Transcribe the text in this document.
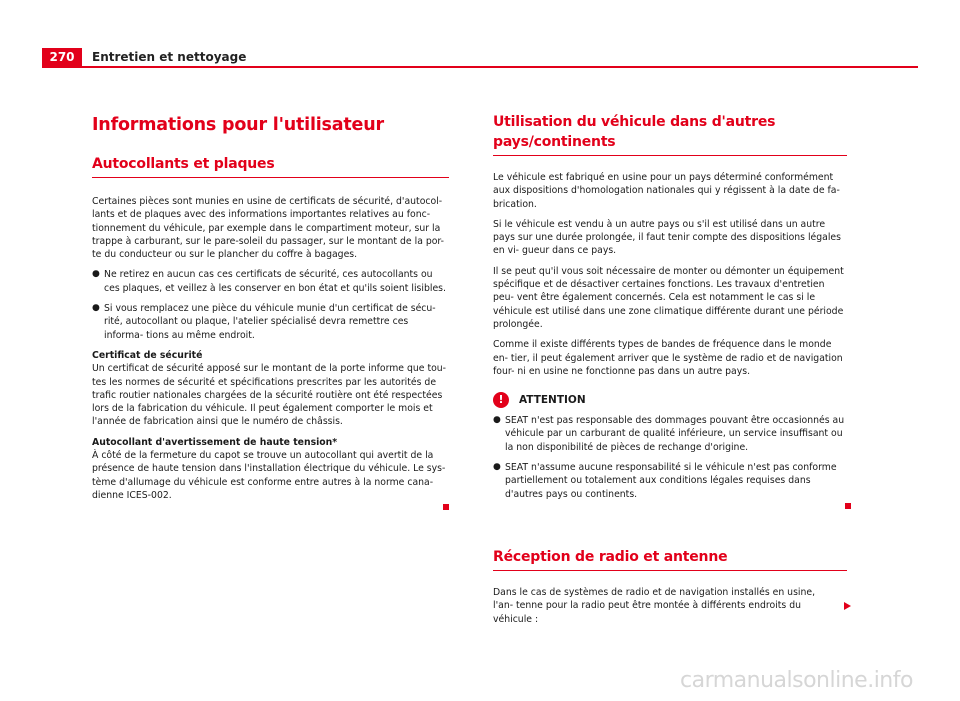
270	Entretien et nettoyage
Informations pour l'utilisateur
Autocollants et plaques

Certaines pièces sont munies en usine de certificats de sécurité, d'autocol- lants et de plaques avec des informations importantes relatives au fonc- tionnement du véhicule, par exemple dans le compartiment moteur, sur la trappe à carburant, sur le pare-soleil du passager, sur le montant de la por- te du conducteur ou sur le plancher du coffre à bagages.

● Ne retirez en aucun cas ces certificats de sécurité, ces autocollants ou ces plaques, et veillez à les conserver en bon état et qu'ils soient lisibles.

● Si vous remplacez une pièce du véhicule munie d'un certificat de sécu- rité, autocollant ou plaque, l'atelier spécialisé devra remettre ces informa- tions au même endroit.

Certificat de sécurité

Un certificat de sécurité apposé sur le montant de la porte informe que tou- tes les normes de sécurité et spécifications prescrites par les autorités de trafic routier nationales chargées de la sécurité routière ont été respectées lors de la fabrication du véhicule. Il peut également comporter le mois et l'année de fabrication ainsi que le numéro de châssis.

Autocollant d'avertissement de haute tension*

À côté de la fermeture du capot se trouve un autocollant qui avertit de la présence de haute tension dans l'installation électrique du véhicule. Le sys- tème d'allumage du véhicule est conforme entre autres à la norme cana- dienne ICES-002.

Utilisation du véhicule dans d'autres pays/continents

Le véhicule est fabriqué en usine pour un pays déterminé conformément aux dispositions d'homologation nationales qui y régissent à la date de fa- brication.

Si le véhicule est vendu à un autre pays ou s'il est utilisé dans un autre pays sur une durée prolongée, il faut tenir compte des dispositions légales en vi- gueur dans ce pays.

Il se peut qu'il vous soit nécessaire de monter ou démonter un équipement spécifique et de désactiver certaines fonctions. Les travaux d'entretien peu- vent être également concernés. Cela est notamment le cas si le véhicule est utilisé dans une zone climatique différente durant une période prolongée.

Comme il existe différents types de bandes de fréquence dans le monde en- tier, il peut également arriver que le système de radio et de navigation four- ni en usine ne fonctionne pas dans un autre pays.

!	ATTENTION

● SEAT n'est pas responsable des dommages pouvant être occasionnés au véhicule par un carburant de qualité inférieure, un service insuffisant ou la non disponibilité de pièces de rechange d'origine.

● SEAT n'assume aucune responsabilité si le véhicule n'est pas conforme partiellement ou totalement aux conditions légales requises dans d'autres pays ou continents.

Réception de radio et antenne

Dans le cas de systèmes de radio et de navigation installés en usine, l'an- tenne pour la radio peut être montée à différents endroits du véhicule :

carmanualsonline.info
